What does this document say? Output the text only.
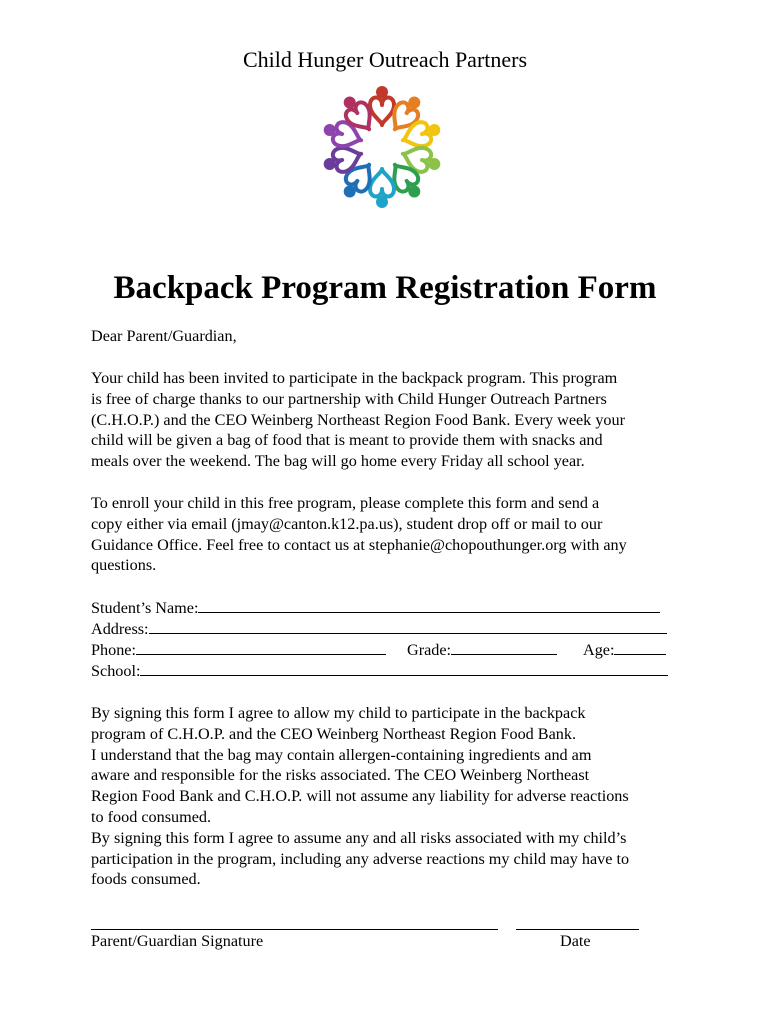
Child Hunger Outreach Partners
Backpack Program Registration Form

Dear Parent/Guardian,

Your child has been invited to participate in the backpack program. This program
is free of charge thanks to our partnership with Child Hunger Outreach Partners
(C.H.O.P.) and the CEO Weinberg Northeast Region Food Bank. Every week your
child will be given a bag of food that is meant to provide them with snacks and
meals over the weekend. The bag will go home every Friday all school year.

To enroll your child in this free program, please complete this form and send a
copy either via email (jmay@canton.k12.pa.us), student drop off or mail to our
Guidance Office. Feel free to contact us at stephanie@chopouthunger.org with any
questions.

Student’s Name:
Address:
Phone:	Grade:	Age:
School:

By signing this form I agree to allow my child to participate in the backpack
program of C.H.O.P. and the CEO Weinberg Northeast Region Food Bank.
I understand that the bag may contain allergen-containing ingredients and am
aware and responsible for the risks associated. The CEO Weinberg Northeast
Region Food Bank and C.H.O.P. will not assume any liability for adverse reactions
to food consumed.
By signing this form I agree to assume any and all risks associated with my child’s
participation in the program, including any adverse reactions my child may have to
foods consumed.

Parent/Guardian Signature	Date
